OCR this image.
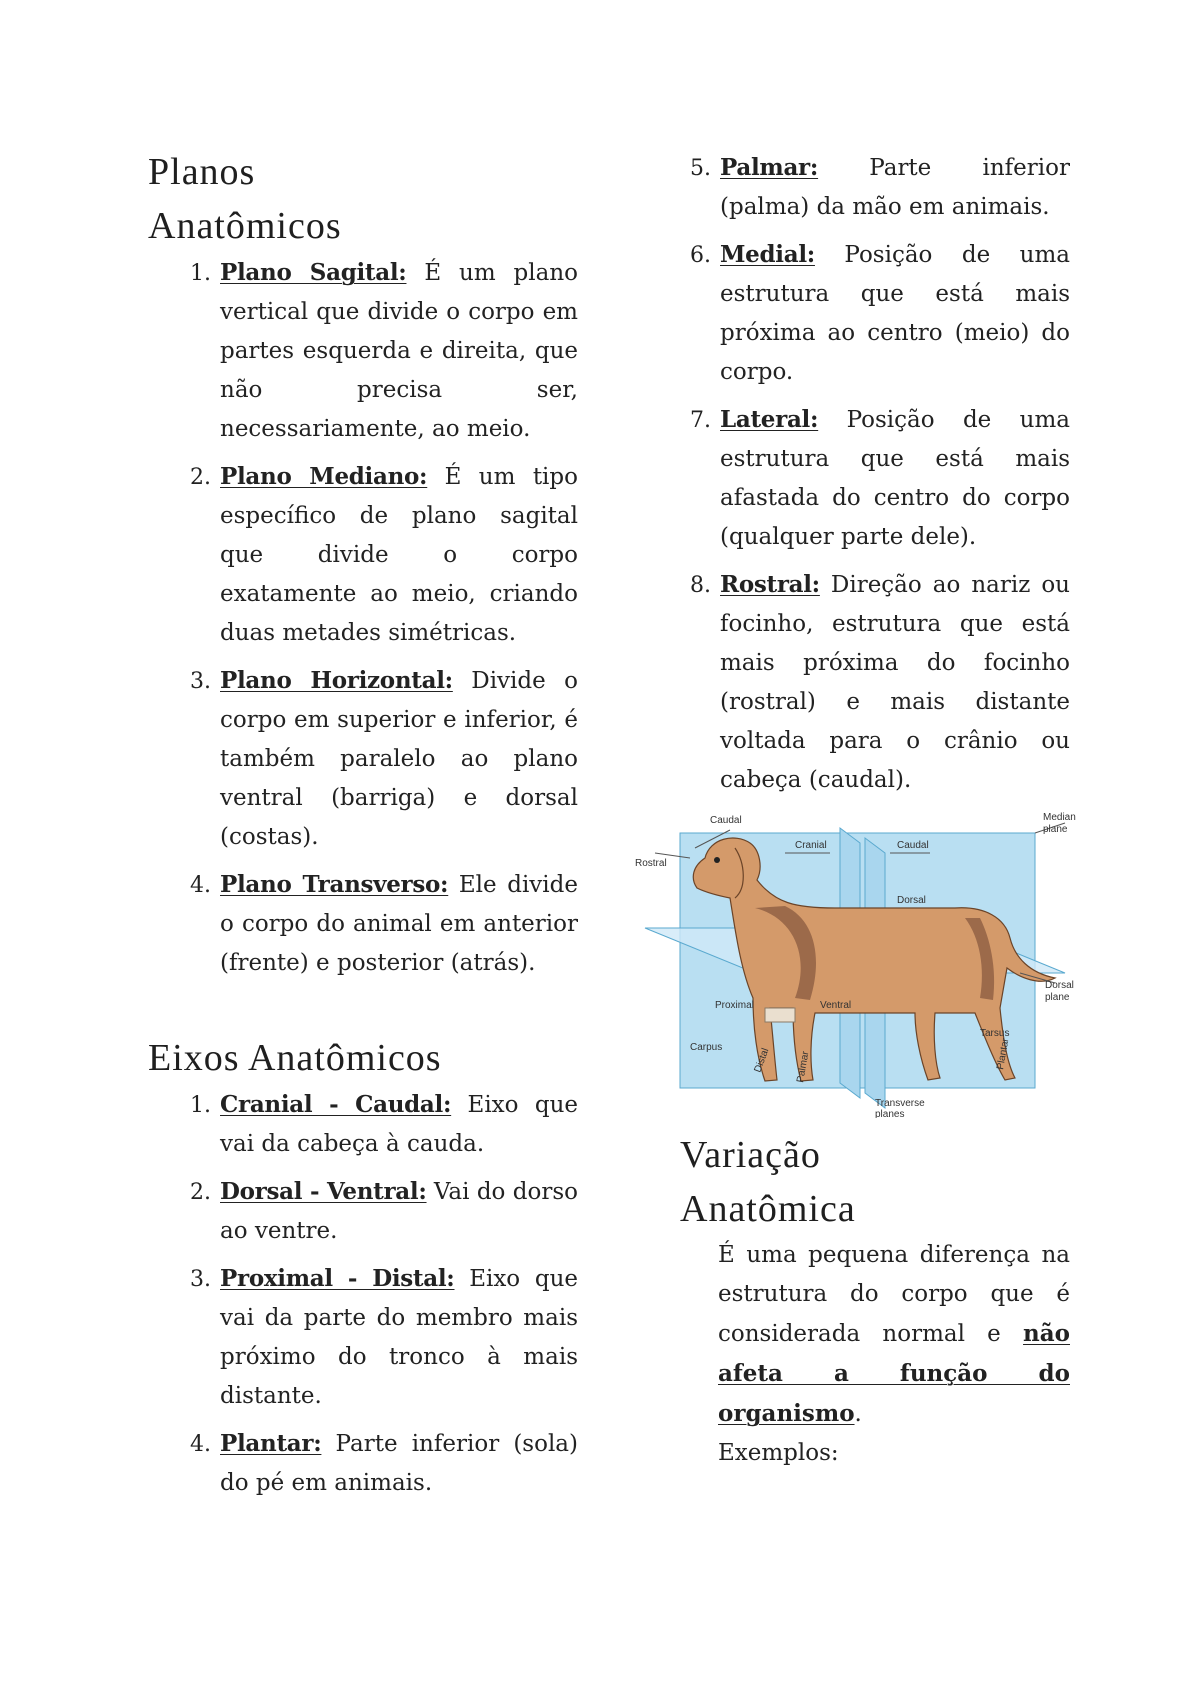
Planos
Anatômicos
1. Plano Sagital: É um plano vertical que divide o corpo em partes esquerda e direita, que não precisa ser, necessariamente, ao meio.
2. Plano Mediano: É um tipo específico de plano sagital que divide o corpo exatamente ao meio, criando duas metades simétricas.
3. Plano Horizontal: Divide o corpo em superior e inferior, é também paralelo ao plano ventral (barriga) e dorsal (costas).
4. Plano Transverso: Ele divide o corpo do animal em anterior (frente) e posterior (atrás).
Eixos Anatômicos
1. Cranial - Caudal: Eixo que vai da cabeça à cauda.
2. Dorsal - Ventral: Vai do dorso ao ventre.
3. Proximal - Distal: Eixo que vai da parte do membro mais próximo do tronco à mais distante.
4. Plantar: Parte inferior (sola) do pé em animais.
5. Palmar: Parte inferior (palma) da mão em animais.
6. Medial: Posição de uma estrutura que está mais próxima ao centro (meio) do corpo.
7. Lateral: Posição de uma estrutura que está mais afastada do centro do corpo (qualquer parte dele).
8. Rostral: Direção ao nariz ou focinho, estrutura que está mais próxima do focinho (rostral) e mais distante voltada para o crânio ou cabeça (caudal).
Caudal
Cranial	Caudal
Rostral
Median
plane
Dorsal
Dorsal
plane
Proximal	Ventral
Carpus
Tarsus
Distal Palmar	Plantar
Transverse
planes
Variação
Anatômica

É uma pequena diferença na estrutura do corpo que é considerada normal e não afeta a função do organismo.
Exemplos:
